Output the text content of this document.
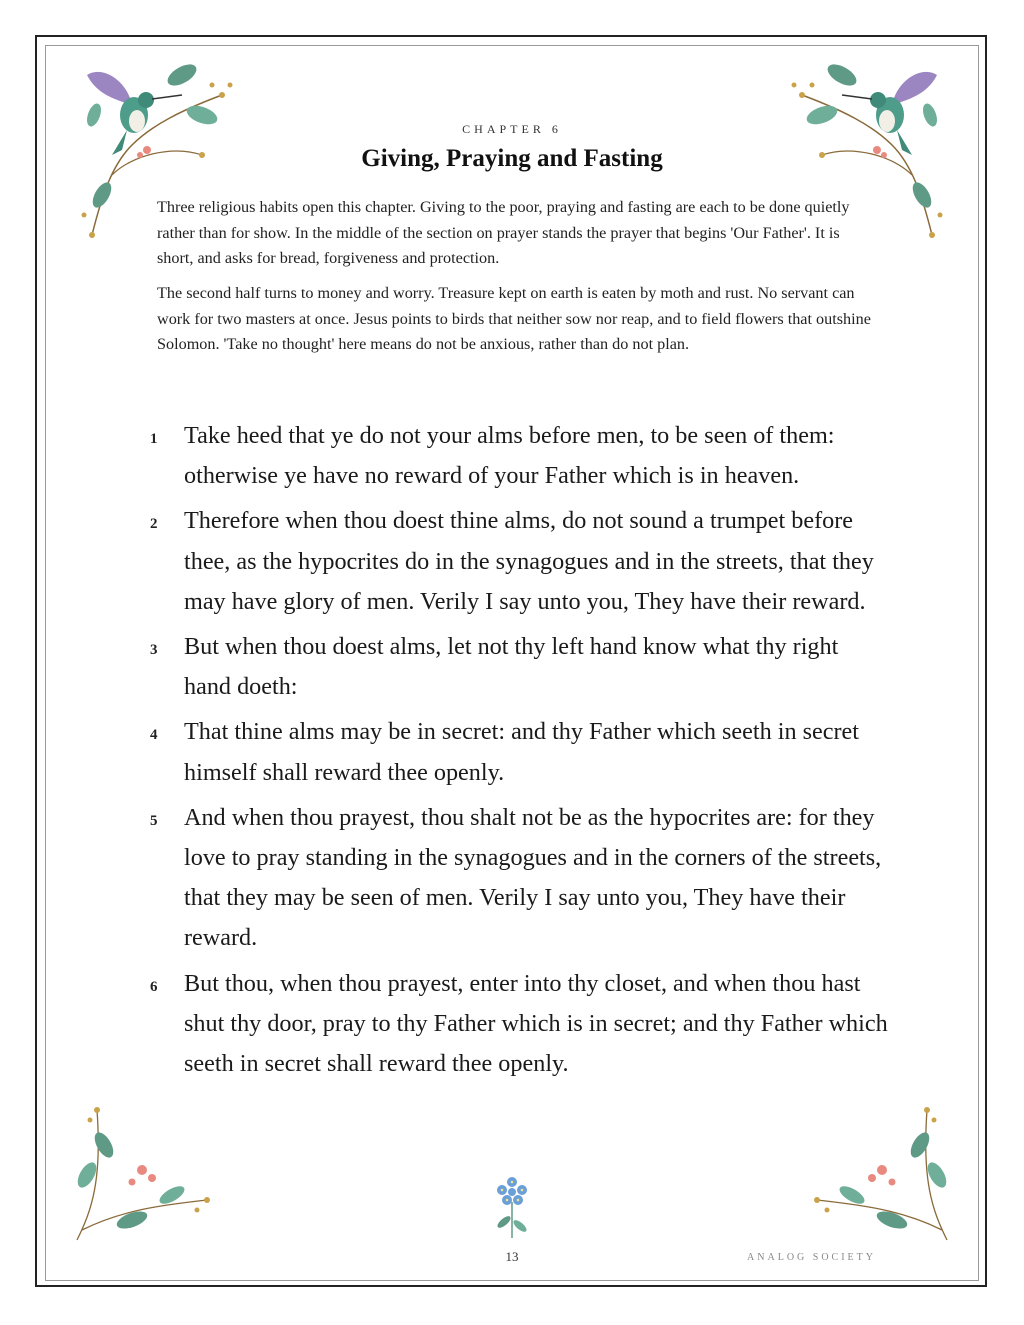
CHAPTER 6
Giving, Praying and Fasting

Three religious habits open this chapter. Giving to the poor, praying and fasting are each to be done quietly rather than for show. In the middle of the section on prayer stands the prayer that begins 'Our Father'. It is short, and asks for bread, forgiveness and protection.

The second half turns to money and worry. Treasure kept on earth is eaten by moth and rust. No servant can work for two masters at once. Jesus points to birds that neither sow nor reap, and to field flowers that outshine Solomon. 'Take no thought' here means do not be anxious, rather than do not plan.

1 Take heed that ye do not your alms before men, to be seen of them: otherwise ye have no reward of your Father which is in heaven.
2 Therefore when thou doest thine alms, do not sound a trumpet before thee, as the hypocrites do in the synagogues and in the streets, that they may have glory of men. Verily I say unto you, They have their reward.
3 But when thou doest alms, let not thy left hand know what thy right hand doeth:
4 That thine alms may be in secret: and thy Father which seeth in secret himself shall reward thee openly.
5 And when thou prayest, thou shalt not be as the hypocrites are: for they love to pray standing in the synagogues and in the corners of the streets, that they may be seen of men. Verily I say unto you, They have their reward.
6 But thou, when thou prayest, enter into thy closet, and when thou hast shut thy door, pray to thy Father which is in secret; and thy Father which seeth in secret shall reward thee openly.
13	ANALOG SOCIETY
